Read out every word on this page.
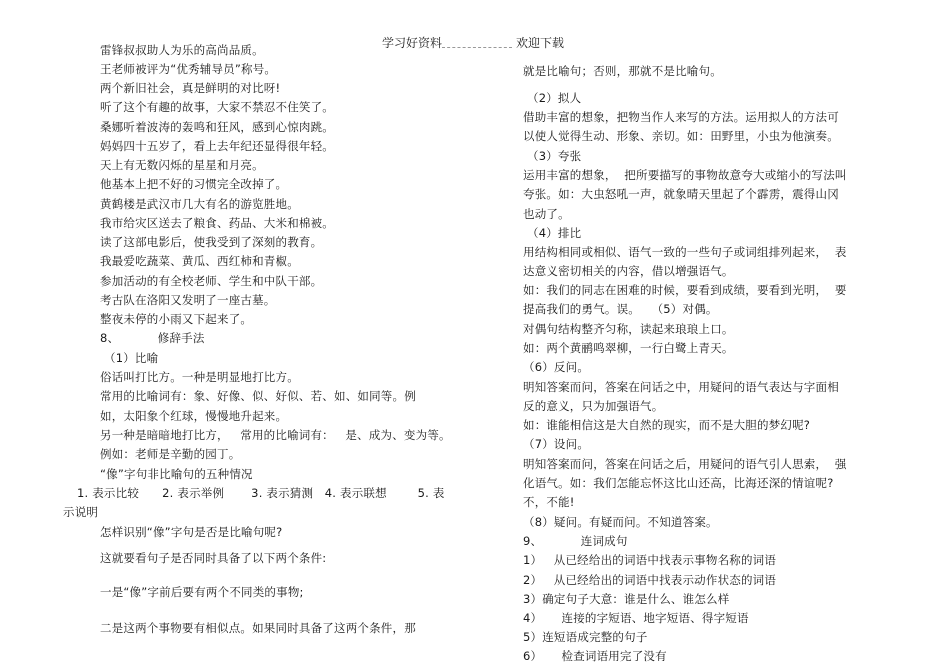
学习好资料	欢迎下载
雷锋叔叔助人为乐的高尚品质。
王老师被评为“优秀辅导员”称号。
两个新旧社会，真是鲜明的对比呀!
听了这个有趣的故事，大家不禁忍不住笑了。
桑娜听着波涛的轰鸣和狂风，感到心惊肉跳。
妈妈四十五岁了，看上去年纪还显得很年轻。
天上有无数闪烁的星星和月亮。
他基本上把不好的习惯完全改掉了。
黄鹤楼是武汉市几大有名的游览胜地。
我市给灾区送去了粮食、药品、大米和棉被。
读了这部电影后，使我受到了深刻的教育。
我最爱吃蔬菜、黄瓜、西红柿和青椒。
参加活动的有全校老师、学生和中队干部。
考古队在洛阳又发明了一座古墓。
整夜未停的小雨又下起来了。
8、          修辞手法
（1）比喻
俗话叫打比方。一种是明显地打比方。
常用的比喻词有：象、好像、似、好似、若、如、如同等。例
如，太阳象个红球，慢慢地升起来。
另一种是暗暗地打比方，   常用的比喻词有：   是、成为、变为等。
例如：老师是辛勤的园丁。
“像”字句非比喻句的五种情况
1. 表示比较      2. 表示举例       3. 表示猜测   4. 表示联想        5. 表
示说明
怎样识别“像”字句是否是比喻句呢?
这就要看句子是否同时具备了以下两个条件:
一是“像”字前后要有两个不同类的事物;
二是这两个事物要有相似点。如果同时具备了这两个条件，那
就是比喻句；否则，那就不是比喻句。
（2）拟人
借助丰富的想象，把物当作人来写的方法。运用拟人的方法可
以使人觉得生动、形象、亲切。如：田野里，小虫为他演奏。
（3）夸张
运用丰富的想象，  把所要描写的事物故意夸大或缩小的写法叫
夸张。如：大虫怒吼一声，就象晴天里起了个霹雳，震得山冈
也动了。
（4）排比
用结构相同或相似、语气一致的一些句子或词组排列起来，  表
达意义密切相关的内容，借以增强语气。
如：我们的同志在困难的时候，要看到成绩，要看到光明，  要
提高我们的勇气。误。   （5）对偶。
对偶句结构整齐匀称，读起来琅琅上口。
如：两个黄鹂鸣翠柳，一行白鹭上青天。
（6）反问。
明知答案而问，答案在问话之中，用疑问的语气表达与字面相
反的意义，只为加强语气。
如：谁能相信这是大自然的现实，而不是大胆的梦幻呢?
（7）设问。
明知答案而问，答案在问话之后，用疑问的语气引人思索，  强
化语气。如：我们怎能忘怀这比山还高，比海还深的情谊呢?
不，不能!
（8）疑问。有疑而问。不知道答案。
9、          连词成句
1）   从已经给出的词语中找表示事物名称的词语
2）   从已经给出的词语中找表示动作状态的词语
3）确定句子大意：谁是什么、谁怎么样
4）     连接的字短语、地字短语、得字短语
5）连短语成完整的句子
6）     检查词语用完了没有
